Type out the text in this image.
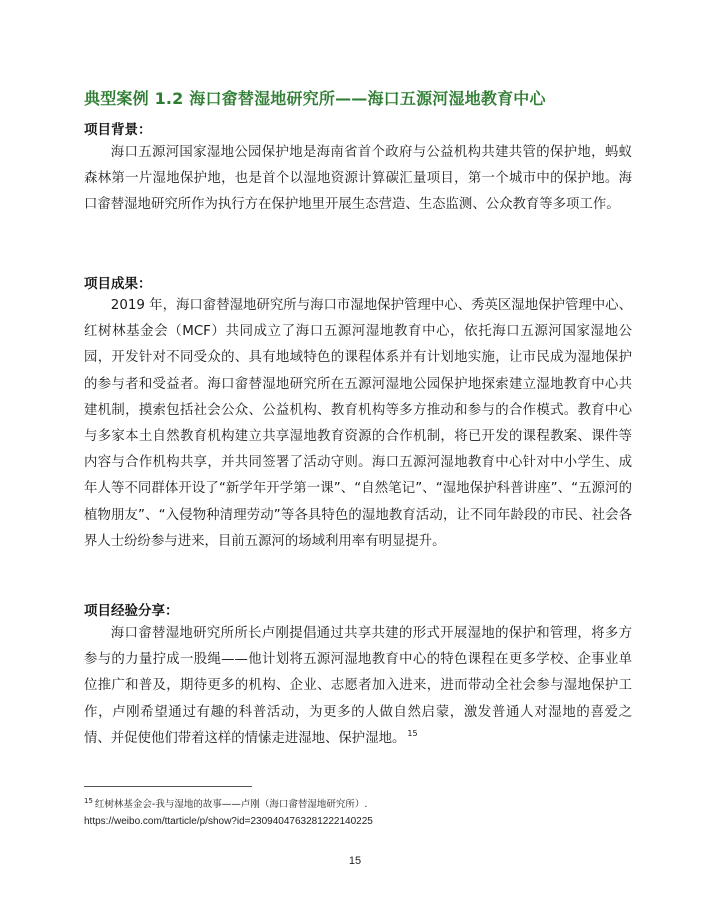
典型案例 1.2 海口畲替湿地研究所——海口五源河湿地教育中心
项目背景：
海口五源河国家湿地公园保护地是海南省首个政府与公益机构共建共管的保护地，蚂蚁森林第一片湿地保护地，也是首个以湿地资源计算碳汇量项目，第一个城市中的保护地。海口畲替湿地研究所作为执行方在保护地里开展生态营造、生态监测、公众教育等多项工作。
项目成果：
2019 年，海口畲替湿地研究所与海口市湿地保护管理中心、秀英区湿地保护管理中心、红树林基金会（MCF）共同成立了海口五源河湿地教育中心，依托海口五源河国家湿地公园，开发针对不同受众的、具有地域特色的课程体系并有计划地实施，让市民成为湿地保护的参与者和受益者。海口畲替湿地研究所在五源河湿地公园保护地探索建立湿地教育中心共建机制，摸索包括社会公众、公益机构、教育机构等多方推动和参与的合作模式。教育中心与多家本土自然教育机构建立共享湿地教育资源的合作机制，将已开发的课程教案、课件等内容与合作机构共享，并共同签署了活动守则。海口五源河湿地教育中心针对中小学生、成年人等不同群体开设了“新学年开学第一课”、“自然笔记”、“湿地保护科普讲座”、“五源河的植物朋友”、“入侵物种清理劳动”等各具特色的湿地教育活动，让不同年龄段的市民、社会各界人士纷纷参与进来，目前五源河的场域利用率有明显提升。
项目经验分享：
海口畲替湿地研究所所长卢刚提倡通过共享共建的形式开展湿地的保护和管理，将多方参与的力量拧成一股绳——他计划将五源河湿地教育中心的特色课程在更多学校、企事业单位推广和普及，期待更多的机构、企业、志愿者加入进来，进而带动全社会参与湿地保护工作，卢刚希望通过有趣的科普活动，为更多的人做自然启蒙，激发普通人对湿地的喜爱之情、并促使他们带着这样的情愫走进湿地、保护湿地。 $^{15}$
$^{15}$ 红树林基金会-我与湿地的故事——卢刚（海口畲替湿地研究所）.
https://weibo.com/ttarticle/p/show?id=2309404763281222140225
15
